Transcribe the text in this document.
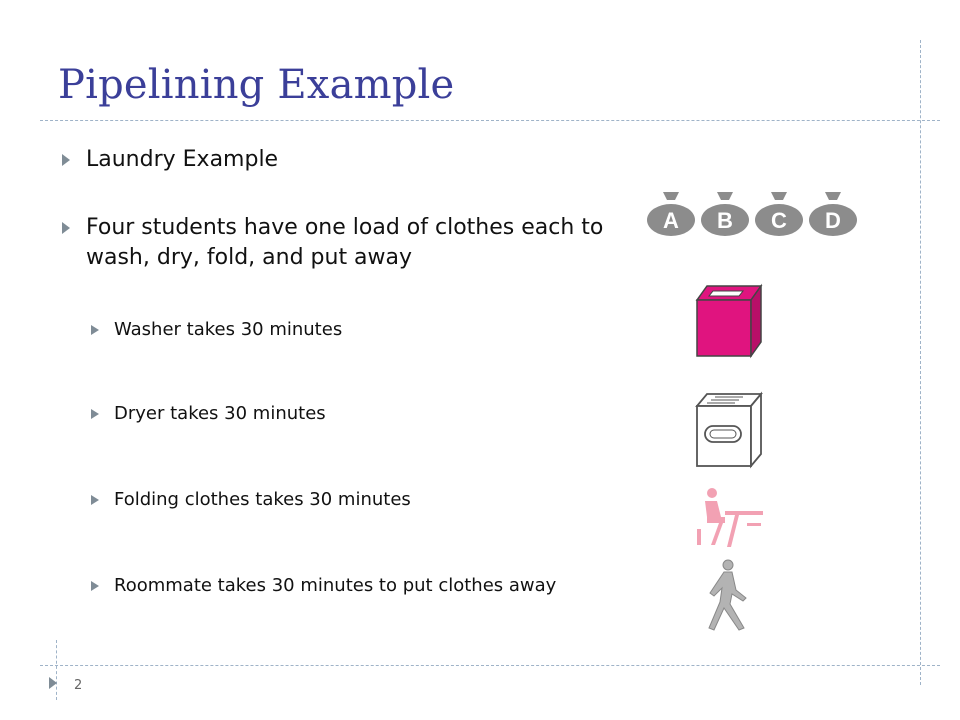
Pipelining Example
Laundry Example
Four students have one load of clothes each to wash, dry, fold, and put away
Washer takes 30 minutes
Dryer takes 30 minutes
Folding clothes takes 30 minutes
Roommate takes 30 minutes to put clothes away
A B C D
2
